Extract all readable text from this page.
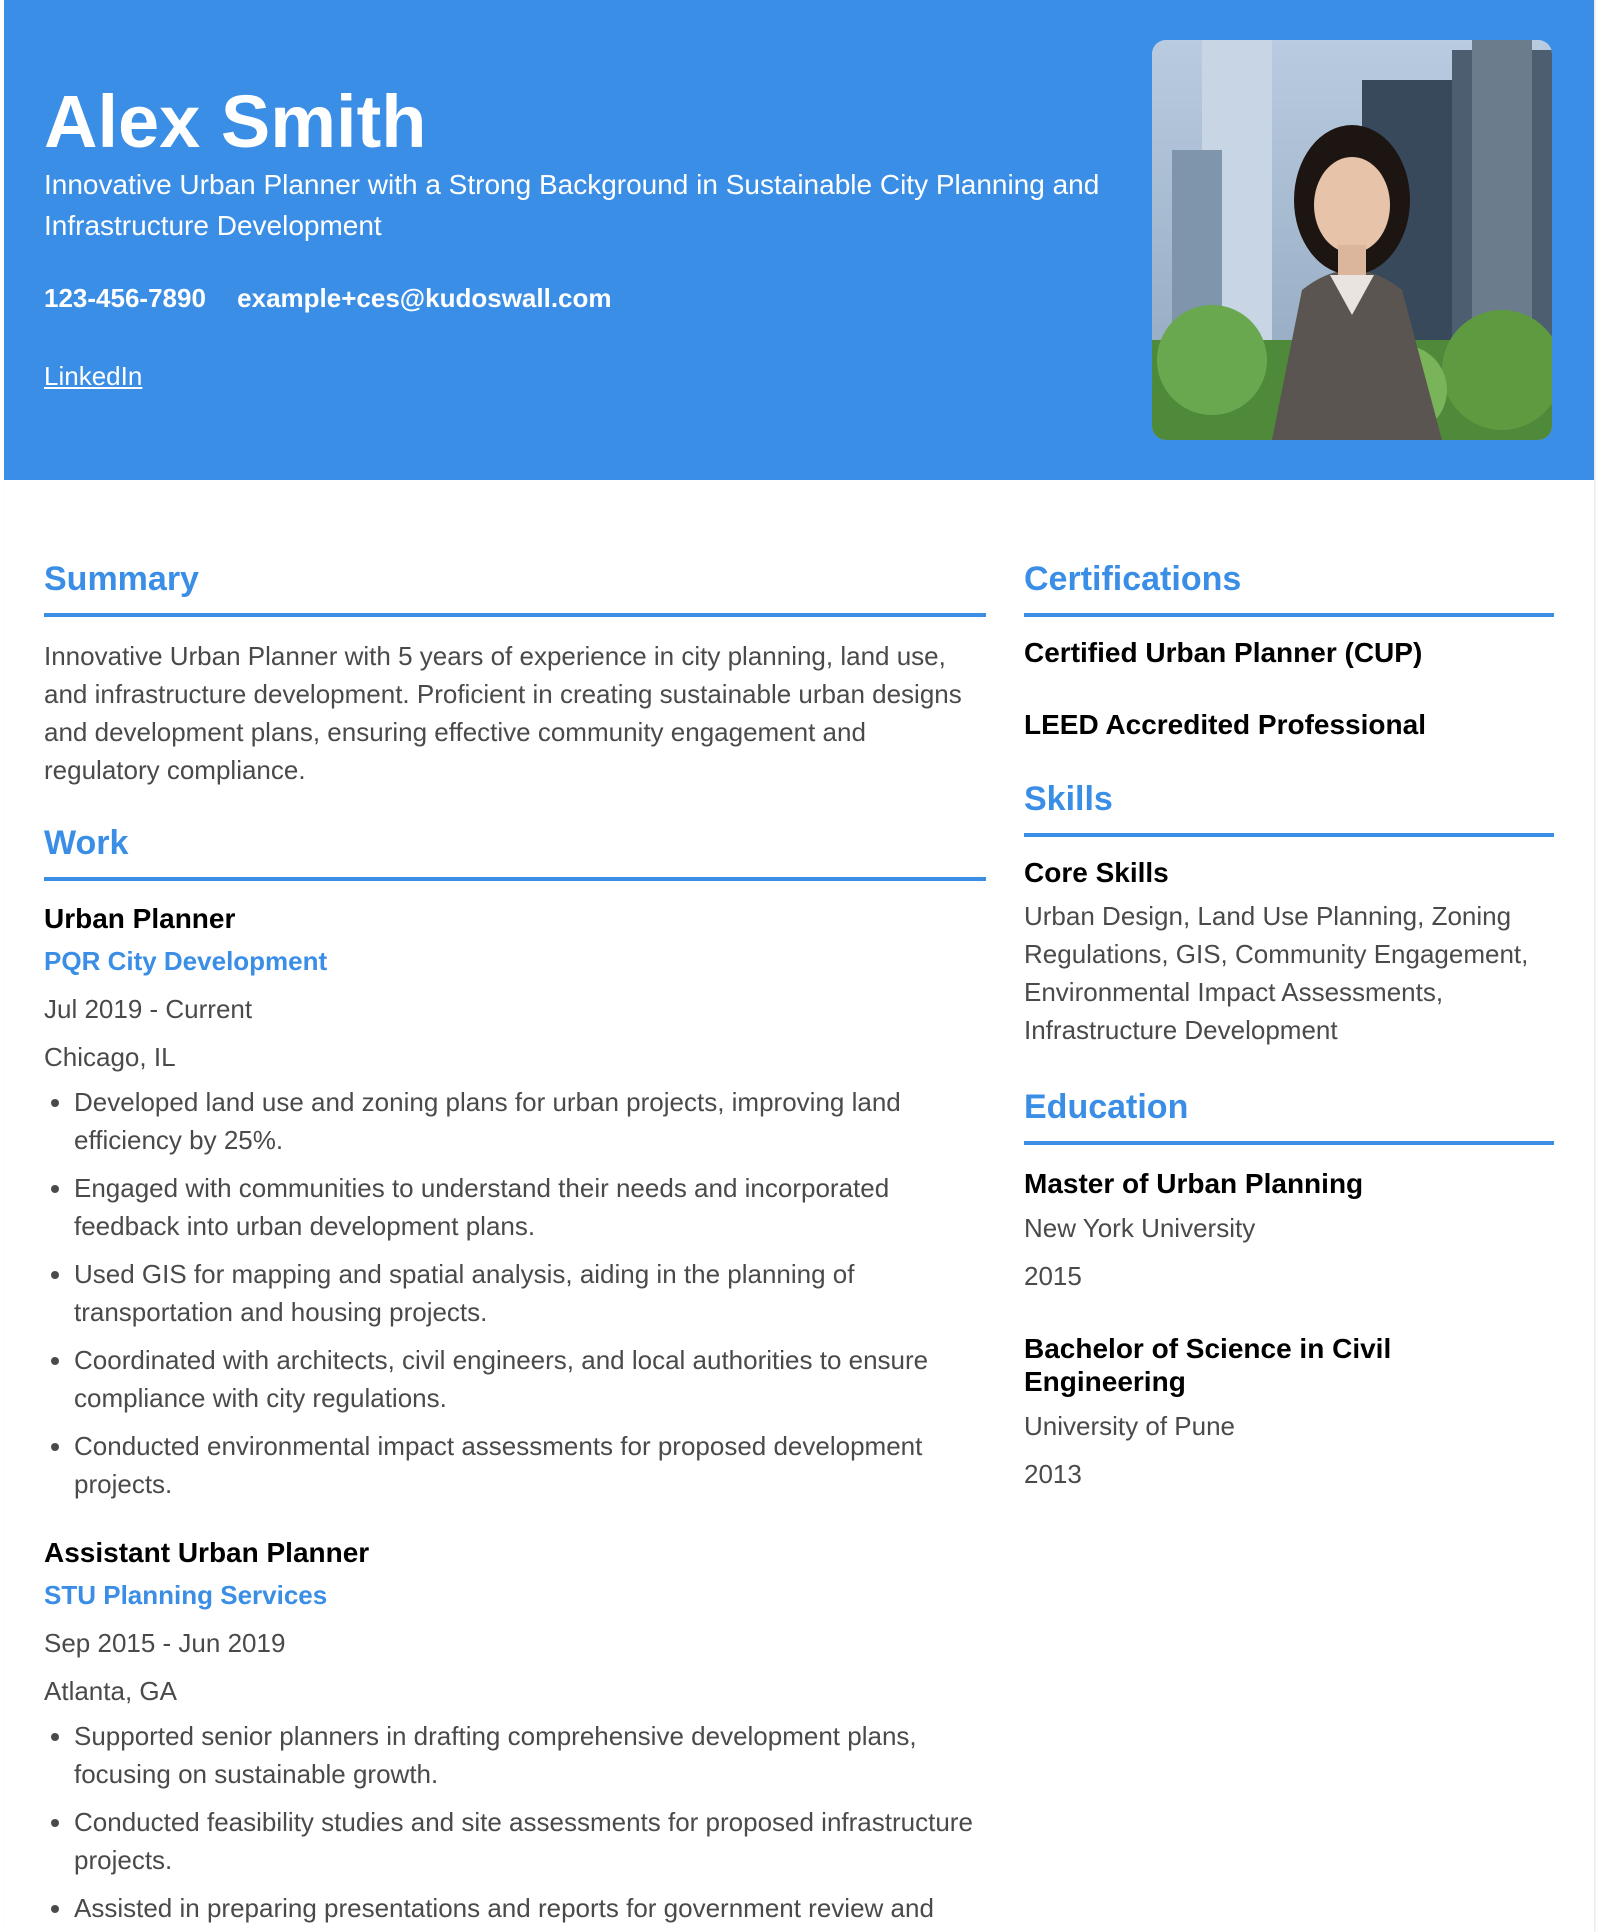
Alex Smith
Innovative Urban Planner with a Strong Background in Sustainable City Planning and Infrastructure Development
123-456-7890 example+ces@kudoswall.com
LinkedIn
Summary
Innovative Urban Planner with 5 years of experience in city planning, land use, and infrastructure development. Proficient in creating sustainable urban designs and development plans, ensuring effective community engagement and regulatory compliance.
Work
Urban Planner
PQR City Development
Jul 2019 - Current
Chicago, IL
• Developed land use and zoning plans for urban projects, improving land efficiency by 25%.
• Engaged with communities to understand their needs and incorporated feedback into urban development plans.
• Used GIS for mapping and spatial analysis, aiding in the planning of transportation and housing projects.
• Coordinated with architects, civil engineers, and local authorities to ensure compliance with city regulations.
• Conducted environmental impact assessments for proposed development projects.
Assistant Urban Planner
STU Planning Services
Sep 2015 - Jun 2019
Atlanta, GA
• Supported senior planners in drafting comprehensive development plans, focusing on sustainable growth.
• Conducted feasibility studies and site assessments for proposed infrastructure projects.
• Assisted in preparing presentations and reports for government review and
Certifications
Certified Urban Planner (CUP)
LEED Accredited Professional
Skills
Core Skills
Urban Design, Land Use Planning, Zoning Regulations, GIS, Community Engagement, Environmental Impact Assessments, Infrastructure Development
Education
Master of Urban Planning
New York University
2015
Bachelor of Science in Civil Engineering
University of Pune
2013
